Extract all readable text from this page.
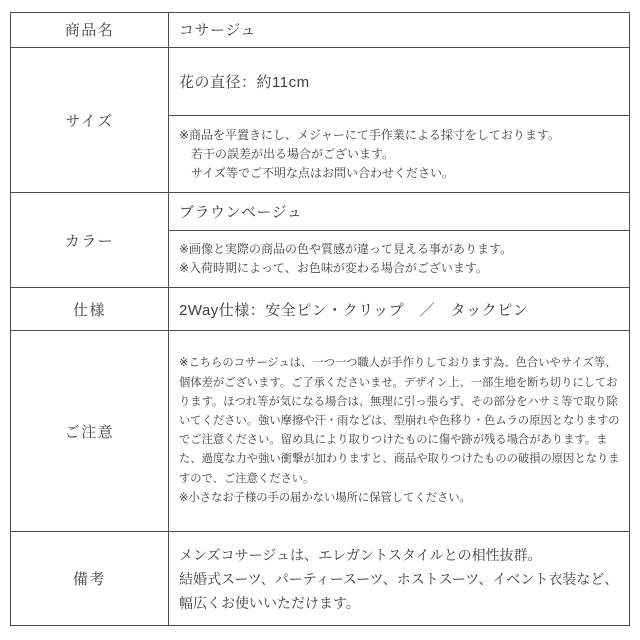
商品名	コサージュ
サイズ
花の直径：約11cm
※商品を平置きにし、メジャーにて手作業による採寸をしております。
若干の誤差が出る場合がございます。
サイズ等でご不明な点はお問い合わせください。
カラー
ブラウンベージュ
※画像と実際の商品の色や質感が違って見える事があります。
※入荷時期によって、お色味が変わる場合がございます。
仕様	2Way仕様：安全ピン・クリップ　／　タックピン
ご注意
※こちらのコサージュは、一つ一つ職人が手作りしております為、色合いやサイズ等、個体差がございます。ご了承くださいませ。デザイン上、一部生地を断ち切りにしております。ほつれ等が気になる場合は、無理に引っ張らず、その部分をハサミ等で取り除いてください。強い摩擦や汗・雨などは、型崩れや色移り・色ムラの原因となりますのでご注意ください。留め具により取りつけたものに傷や跡が残る場合があります。また、過度な力や強い衝撃が加わりますと、商品や取りつけたものの破損の原因となりますので、ご注意ください。
※小さなお子様の手の届かない場所に保管してください。
備考
メンズコサージュは、エレガントスタイルとの相性抜群。
結婚式スーツ、パーティースーツ、ホストスーツ、イベント衣装など、
幅広くお使いいただけます。
